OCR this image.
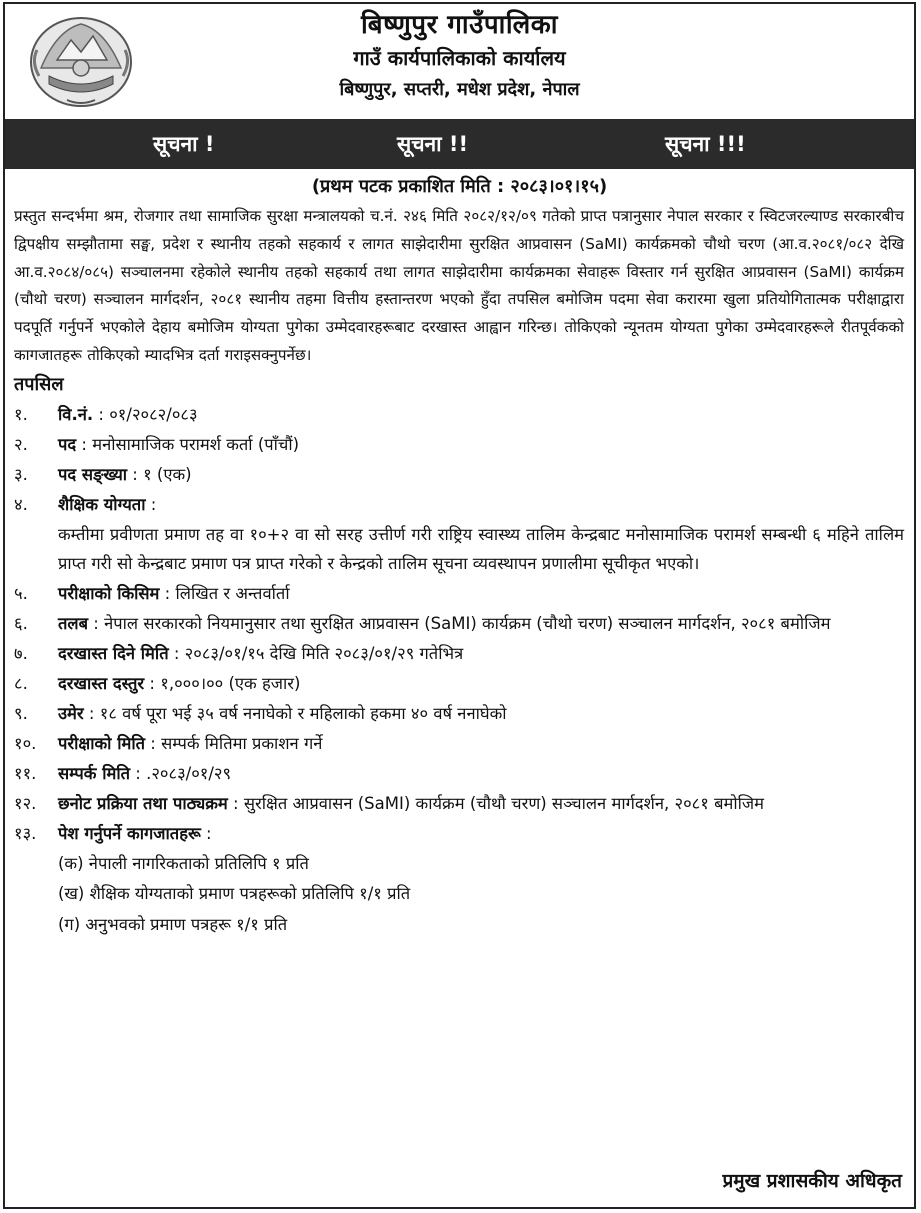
बिष्णुपुर गाउँपालिका
गाउँ कार्यपालिकाको कार्यालय
बिष्णुपुर, सप्तरी, मधेश प्रदेश, नेपाल
सूचना !	सूचना !!	सूचना !!!
(प्रथम पटक प्रकाशित मिति : २०८३।०१।१५)
प्रस्तुत सन्दर्भमा श्रम, रोजगार तथा सामाजिक सुरक्षा मन्त्रालयको च.नं. २४६ मिति २०८२/१२/०९ गतेको प्राप्त पत्रानुसार नेपाल सरकार र स्विटजरल्याण्ड सरकारबीच द्विपक्षीय सम्झौतामा सङ्घ, प्रदेश र स्थानीय तहको सहकार्य र लागत साझेदारीमा सुरक्षित आप्रवासन (SaMI) कार्यक्रमको चौथो चरण (आ.व.२०८१/०८२ देखि आ.व.२०८४/०८५) सञ्चालनमा रहेकोले स्थानीय तहको सहकार्य तथा लागत साझेदारीमा कार्यक्रमका सेवाहरू विस्तार गर्न सुरक्षित आप्रवासन (SaMI) कार्यक्रम (चौथो चरण) सञ्चालन मार्गदर्शन, २०८१ स्थानीय तहमा वित्तीय हस्तान्तरण भएको हुँदा तपसिल बमोजिम पदमा सेवा करारमा खुला प्रतियोगितात्मक परीक्षाद्वारा पदपूर्ति गर्नुपर्ने भएकोले देहाय बमोजिम योग्यता पुगेका उम्मेदवारहरूबाट दरखास्त आह्वान गरिन्छ। तोकिएको न्यूनतम योग्यता पुगेका उम्मेदवारहरूले रीतपूर्वकको कागजातहरू तोकिएको म्यादभित्र दर्ता गराइसक्नुपर्नेछ।
तपसिल
१.	वि.नं. : ०१/२०८२/०८३
२.	पद : मनोसामाजिक परामर्श कर्ता (पाँचौं)
३.	पद सङ्ख्या : १ (एक)
४.	शैक्षिक योग्यता :
कम्तीमा प्रवीणता प्रमाण तह वा १०+२ वा सो सरह उत्तीर्ण गरी राष्ट्रिय स्वास्थ्य तालिम केन्द्रबाट मनोसामाजिक परामर्श सम्बन्धी ६ महिने तालिम प्राप्त गरी सो केन्द्रबाट प्रमाण पत्र प्राप्त गरेको र केन्द्रको तालिम सूचना व्यवस्थापन प्रणालीमा सूचीकृत भएको।
५.	परीक्षाको किसिम : लिखित र अन्तर्वार्ता
६.	तलब : नेपाल सरकारको नियमानुसार तथा सुरक्षित आप्रवासन (SaMI) कार्यक्रम (चौथो चरण) सञ्चालन मार्गदर्शन, २०८१ बमोजिम
७.	दरखास्त दिने मिति : २०८३/०१/१५ देखि मिति २०८३/०१/२९ गतेभित्र
८.	दरखास्त दस्तुर : १,०००।०० (एक हजार)
९.	उमेर : १८ वर्ष पूरा भई ३५ वर्ष ननाघेको र महिलाको हकमा ४० वर्ष ननाघेको
१०.	परीक्षाको मिति : सम्पर्क मितिमा प्रकाशन गर्ने
११.	सम्पर्क मिति : .२०८३/०१/२९
१२.	छनोट प्रक्रिया तथा पाठ्यक्रम : सुरक्षित आप्रवासन (SaMI) कार्यक्रम (चौथौ चरण) सञ्चालन मार्गदर्शन, २०८१ बमोजिम
१३.	पेश गर्नुपर्ने कागजातहरू :
(क) नेपाली नागरिकताको प्रतिलिपि १ प्रति
(ख) शैक्षिक योग्यताको प्रमाण पत्रहरूको प्रतिलिपि १/१ प्रति
(ग) अनुभवको प्रमाण पत्रहरू १/१ प्रति
प्रमुख प्रशासकीय अधिकृत
